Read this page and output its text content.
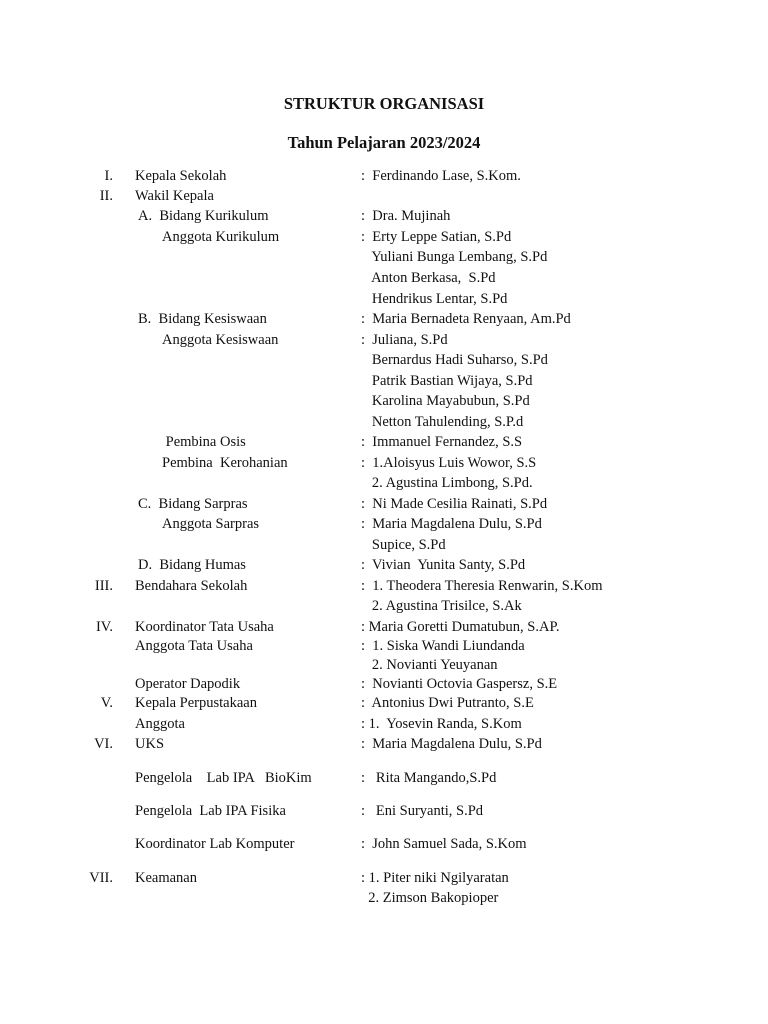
STRUKTUR ORGANISASI
Tahun Pelajaran 2023/2024
I. Kepala Sekolah	:  Ferdinando Lase, S.Kom.
II. Wakil Kepala
A.  Bidang Kurikulum	:  Dra. Mujinah
Anggota Kurikulum	:  Erty Leppe Satian, S.Pd
Yuliani Bunga Lembang, S.Pd
Anton Berkasa,  S.Pd
Hendrikus Lentar, S.Pd
B.  Bidang Kesiswaan	:  Maria Bernadeta Renyaan, Am.Pd
Anggota Kesiswaan	:  Juliana, S.Pd
Bernardus Hadi Suharso, S.Pd
Patrik Bastian Wijaya, S.Pd
Karolina Mayabubun, S.Pd
Netton Tahulending, S.P.d
Pembina Osis	:  Immanuel Fernandez, S.S
Pembina  Kerohanian	:  1.Aloisyus Luis Wowor, S.S
2. Agustina Limbong, S.Pd.
C.  Bidang Sarpras	:  Ni Made Cesilia Rainati, S.Pd
Anggota Sarpras	:  Maria Magdalena Dulu, S.Pd
Supice, S.Pd
D.  Bidang Humas	:  Vivian  Yunita Santy, S.Pd
III. Bendahara Sekolah	:  1. Theodera Theresia Renwarin, S.Kom
2. Agustina Trisilce, S.Ak
IV. Koordinator Tata Usaha	: Maria Goretti Dumatubun, S.AP.
Anggota Tata Usaha	:  1. Siska Wandi Liundanda
2. Novianti Yeuyanan
Operator Dapodik	:  Novianti Octovia Gaspersz, S.E
V. Kepala Perpustakaan	:  Antonius Dwi Putranto, S.E
Anggota	: 1.  Yosevin Randa, S.Kom
VI. UKS	:  Maria Magdalena Dulu, S.Pd
Pengelola    Lab IPA   BioKim	:   Rita Mangando,S.Pd
Pengelola  Lab IPA Fisika	:   Eni Suryanti, S.Pd
Koordinator Lab Komputer	:  John Samuel Sada, S.Kom
VII. Keamanan	: 1. Piter niki Ngilyaratan
2. Zimson Bakopioper
